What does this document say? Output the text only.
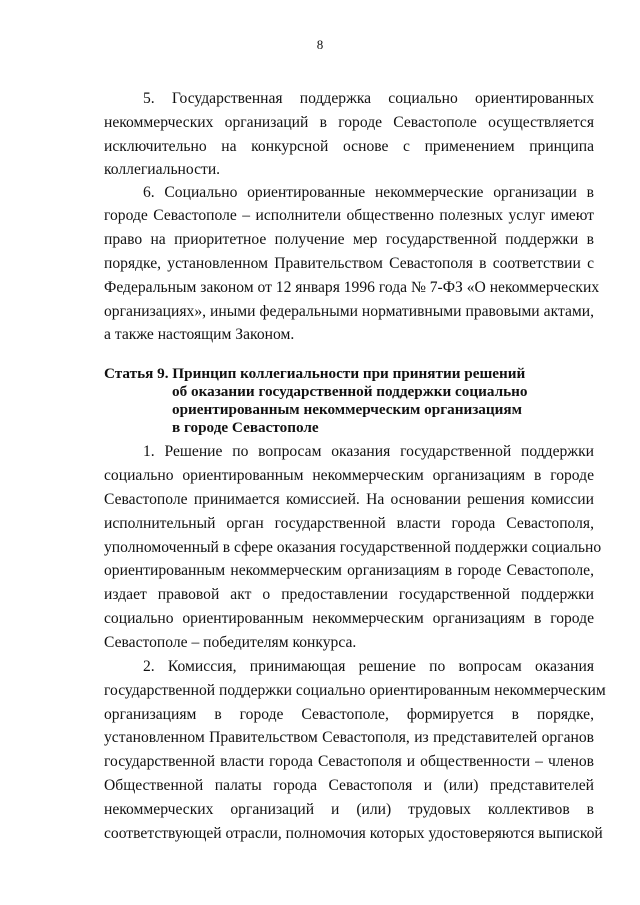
8
5. Государственная поддержка социально ориентированных
некоммерческих организаций в городе Севастополе осуществляется
исключительно на конкурсной основе с применением принципа
коллегиальности.
6. Социально ориентированные некоммерческие организации в
городе Севастополе – исполнители общественно полезных услуг имеют
право на приоритетное получение мер государственной поддержки в
порядке, установленном Правительством Севастополя в соответствии с
Федеральным законом от 12 января 1996 года № 7-ФЗ «О некоммерческих
организациях», иными федеральными нормативными правовыми актами,
а также настоящим Законом.
Статья 9. Принцип коллегиальности при принятии решений
об оказании государственной поддержки социально
ориентированным некоммерческим организациям
в городе Севастополе
1. Решение по вопросам оказания государственной поддержки
социально ориентированным некоммерческим организациям в городе
Севастополе принимается комиссией. На основании решения комиссии
исполнительный орган государственной власти города Севастополя,
уполномоченный в сфере оказания государственной поддержки социально
ориентированным некоммерческим организациям в городе Севастополе,
издает правовой акт о предоставлении государственной поддержки
социально ориентированным некоммерческим организациям в городе
Севастополе – победителям конкурса.
2. Комиссия, принимающая решение по вопросам оказания
государственной поддержки социально ориентированным некоммерческим
организациям в городе Севастополе, формируется в порядке,
установленном Правительством Севастополя, из представителей органов
государственной власти города Севастополя и общественности – членов
Общественной палаты города Севастополя и (или) представителей
некоммерческих организаций и (или) трудовых коллективов в
соответствующей отрасли, полномочия которых удостоверяются выпиской
